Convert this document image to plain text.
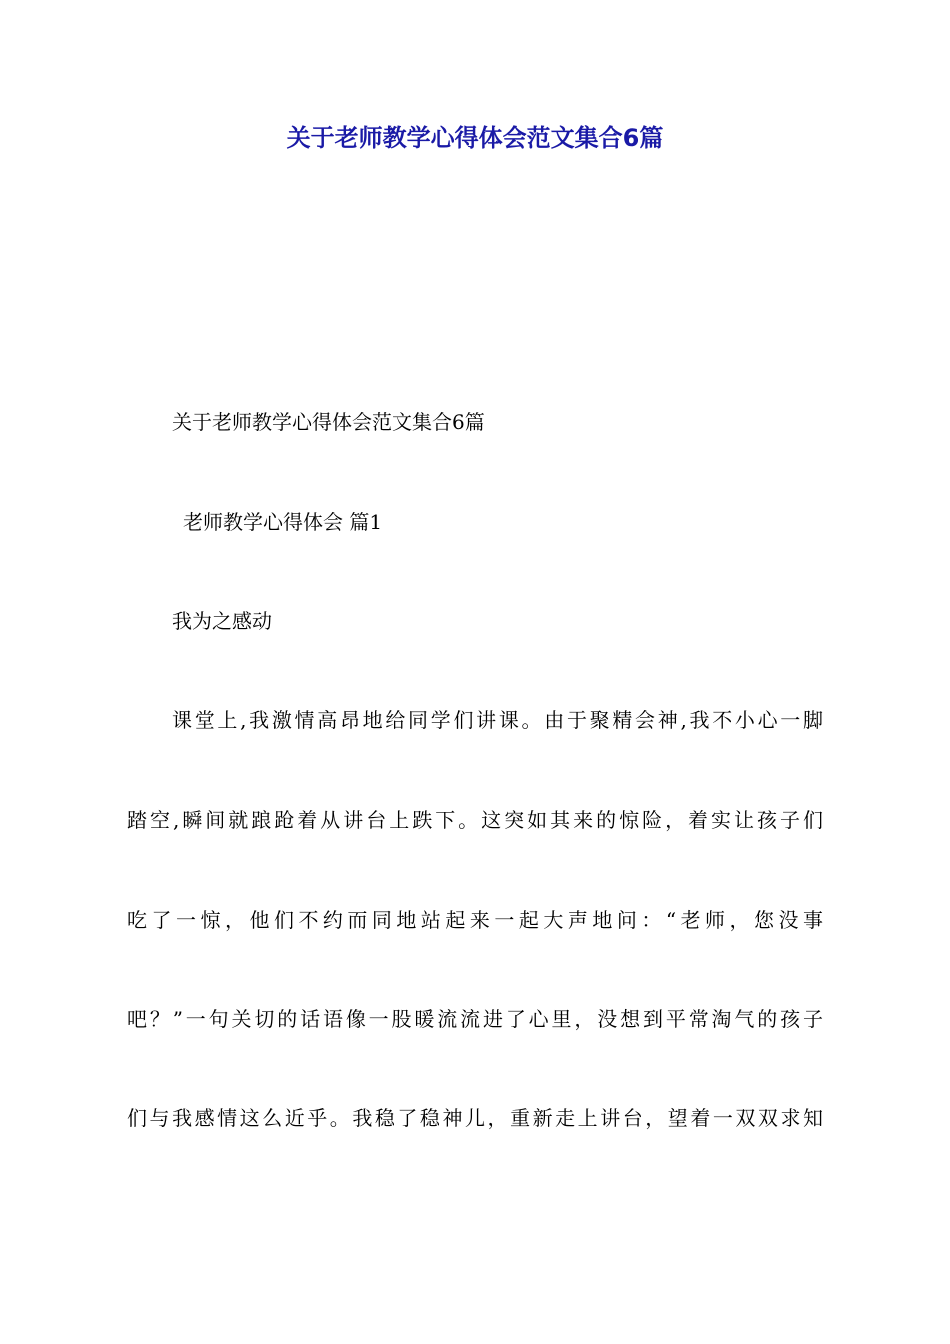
关于老师教学心得体会范文集合6篇

关于老师教学心得体会范文集合6篇

老师教学心得体会 篇1

我为之感动

课堂上,我激情高昂地给同学们讲课。由于聚精会神,我不小心一脚

踏空,瞬间就踉跄着从讲台上跌下。这突如其来的惊险，着实让孩子们

吃了一惊，他们不约而同地站起来一起大声地问：“老师，您没事

吧？”一句关切的话语像一股暖流流进了心里，没想到平常淘气的孩子

们与我感情这么近乎。我稳了稳神儿，重新走上讲台，望着一双双求知
